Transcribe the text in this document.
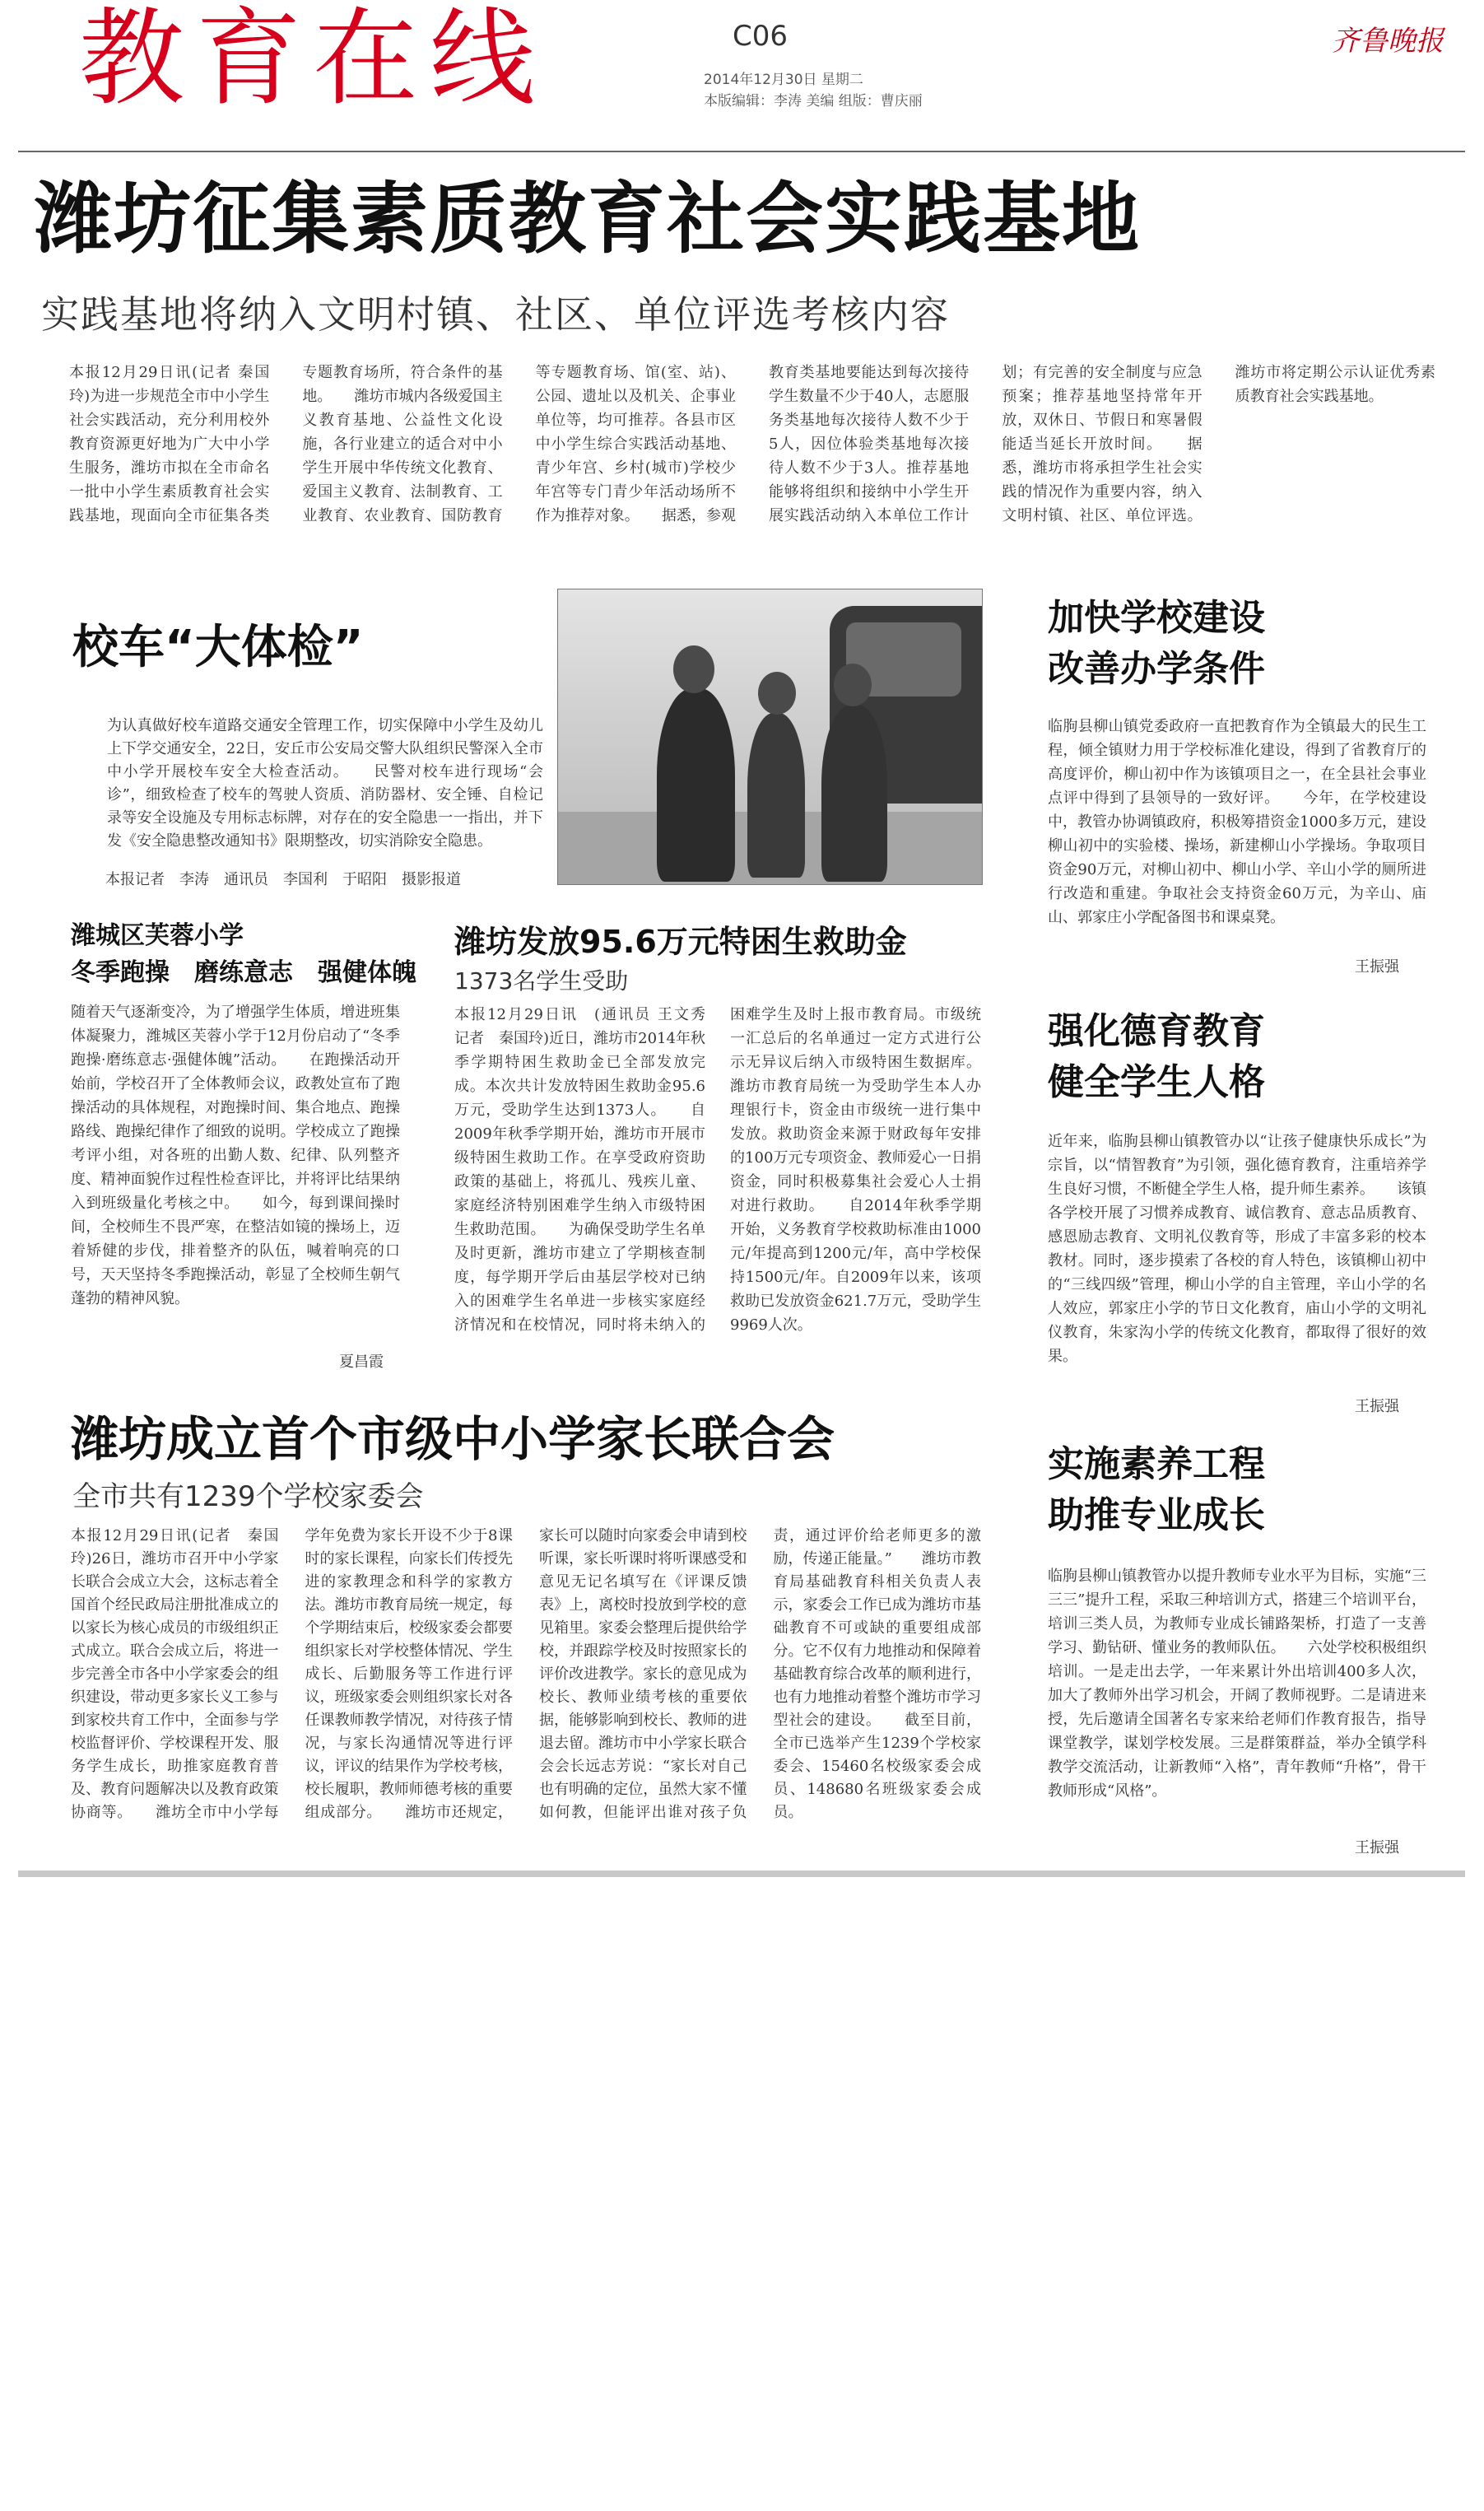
教育在线	C06
2014年12月30日 星期二
本版编辑：李涛 美编 组版：曹庆丽
齐鲁晚报
潍坊征集素质教育社会实践基地
实践基地将纳入文明村镇、社区、单位评选考核内容
本报12月29日讯(记者 秦国玲)为进一步规范全市中小学生社会实践活动，充分利用校外教育资源更好地为广大中小学生服务，潍坊市拟在全市命名一批中小学生素质教育社会实践基地，现面向全市征集各类专题教育场所，符合条件的基地。　　潍坊市城内各级爱国主义教育基地、公益性文化设施，各行业建立的适合对中小学生开展中华传统文化教育、爱国主义教育、法制教育、工业教育、农业教育、国防教育等专题教育场、馆(室、站)、公园、遗址以及机关、企事业单位等，均可推荐。各县市区中小学生综合实践活动基地、青少年宫、乡村(城市)学校少年宫等专门青少年活动场所不作为推荐对象。　　据悉，参观教育类基地要能达到每次接待学生数量不少于40人，志愿服务类基地每次接待人数不少于5人，因位体验类基地每次接待人数不少于3人。推荐基地能够将组织和接纳中小学生开展实践活动纳入本单位工作计划；有完善的安全制度与应急预案；推荐基地坚持常年开放，双休日、节假日和寒暑假能适当延长开放时间。　　据悉，潍坊市将承担学生社会实践的情况作为重要内容，纳入文明村镇、社区、单位评选。潍坊市将定期公示认证优秀素质教育社会实践基地。
校车“大体检”
为认真做好校车道路交通安全管理工作，切实保障中小学生及幼儿上下学交通安全，22日，安丘市公安局交警大队组织民警深入全市中小学开展校车安全大检查活动。　　民警对校车进行现场“会诊”，细致检查了校车的驾驶人资质、消防器材、安全锤、自检记录等安全设施及专用标志标牌，对存在的安全隐患一一指出，并下发《安全隐患整改通知书》限期整改，切实消除安全隐患。
本报记者　李涛　通讯员　李国利　于昭阳　摄影报道
潍城区芙蓉小学
冬季跑操　磨练意志　强健体魄
随着天气逐渐变冷，为了增强学生体质，增进班集体凝聚力，潍城区芙蓉小学于12月份启动了“冬季跑操·磨练意志·强健体魄”活动。　　在跑操活动开始前，学校召开了全体教师会议，政教处宣布了跑操活动的具体规程，对跑操时间、集合地点、跑操路线、跑操纪律作了细致的说明。学校成立了跑操考评小组，对各班的出勤人数、纪律、队列整齐度、精神面貌作过程性检查评比，并将评比结果纳入到班级量化考核之中。　　如今，每到课间操时间，全校师生不畏严寒，在整洁如镜的操场上，迈着矫健的步伐，排着整齐的队伍，喊着响亮的口号，天天坚持冬季跑操活动，彰显了全校师生朝气蓬勃的精神风貌。
夏昌霞
潍坊发放95.6万元特困生救助金
1373名学生受助
本报12月29日讯　(通讯员 王文秀　记者　秦国玲)近日，潍坊市2014年秋季学期特困生救助金已全部发放完成。本次共计发放特困生救助金95.6万元，受助学生达到1373人。　　自2009年秋季学期开始，潍坊市开展市级特困生救助工作。在享受政府资助政策的基础上，将孤儿、残疾儿童、家庭经济特别困难学生纳入市级特困生救助范围。　　为确保受助学生名单及时更新，潍坊市建立了学期核查制度，每学期开学后由基层学校对已纳入的困难学生名单进一步核实家庭经济情况和在校情况，同时将未纳入的困难学生及时上报市教育局。市级统一汇总后的名单通过一定方式进行公示无异议后纳入市级特困生数据库。潍坊市教育局统一为受助学生本人办理银行卡，资金由市级统一进行集中发放。救助资金来源于财政每年安排的100万元专项资金、教师爱心一日捐资金，同时积极募集社会爱心人士捐对进行救助。　　自2014年秋季学期开始，义务教育学校救助标准由1000元/年提高到1200元/年，高中学校保持1500元/年。自2009年以来，该项救助已发放资金621.7万元，受助学生9969人次。
潍坊成立首个市级中小学家长联合会
全市共有1239个学校家委会
本报12月29日讯(记者　秦国玲)26日，潍坊市召开中小学家长联合会成立大会，这标志着全国首个经民政局注册批准成立的以家长为核心成员的市级组织正式成立。联合会成立后，将进一步完善全市各中小学家委会的组织建设，带动更多家长义工参与到家校共育工作中，全面参与学校监督评价、学校课程开发、服务学生成长，助推家庭教育普及、教育问题解决以及教育政策协商等。　　潍坊全市中小学每学年免费为家长开设不少于8课时的家长课程，向家长们传授先进的家教理念和科学的家教方法。潍坊市教育局统一规定，每个学期结束后，校级家委会都要组织家长对学校整体情况、学生成长、后勤服务等工作进行评议，班级家委会则组织家长对各任课教师教学情况，对待孩子情况，与家长沟通情况等进行评议，评议的结果作为学校考核，校长履职，教师师德考核的重要组成部分。　　潍坊市还规定，家长可以随时向家委会申请到校听课，家长听课时将听课感受和意见无记名填写在《评课反馈表》上，离校时投放到学校的意见箱里。家委会整理后提供给学校，并跟踪学校及时按照家长的评价改进教学。家长的意见成为校长、教师业绩考核的重要依据，能够影响到校长、教师的进退去留。潍坊市中小学家长联合会会长远志芳说：“家长对自己也有明确的定位，虽然大家不懂如何教，但能评出谁对孩子负责，通过评价给老师更多的激励，传递正能量。”　　潍坊市教育局基础教育科相关负责人表示，家委会工作已成为潍坊市基础教育不可或缺的重要组成部分。它不仅有力地推动和保障着基础教育综合改革的顺利进行，也有力地推动着整个潍坊市学习型社会的建设。　　截至目前，全市已选举产生1239个学校家委会、15460名校级家委会成员、148680名班级家委会成员。
加快学校建设
改善办学条件
临朐县柳山镇党委政府一直把教育作为全镇最大的民生工程，倾全镇财力用于学校标准化建设，得到了省教育厅的高度评价，柳山初中作为该镇项目之一，在全县社会事业点评中得到了县领导的一致好评。　　今年，在学校建设中，教管办协调镇政府，积极筹措资金1000多万元，建设柳山初中的实验楼、操场，新建柳山小学操场。争取项目资金90万元，对柳山初中、柳山小学、辛山小学的厕所进行改造和重建。争取社会支持资金60万元，为辛山、庙山、郭家庄小学配备图书和课桌凳。
王振强
强化德育教育
健全学生人格
近年来，临朐县柳山镇教管办以“让孩子健康快乐成长”为宗旨，以“情智教育”为引领，强化德育教育，注重培养学生良好习惯，不断健全学生人格，提升师生素养。　　该镇各学校开展了习惯养成教育、诚信教育、意志品质教育、感恩励志教育、文明礼仪教育等，形成了丰富多彩的校本教材。同时，逐步摸索了各校的育人特色，该镇柳山初中的“三线四级”管理，柳山小学的自主管理，辛山小学的名人效应，郭家庄小学的节日文化教育，庙山小学的文明礼仪教育，朱家沟小学的传统文化教育，都取得了很好的效果。
王振强
实施素养工程
助推专业成长
临朐县柳山镇教管办以提升教师专业水平为目标，实施“三三三”提升工程，采取三种培训方式，搭建三个培训平台，培训三类人员，为教师专业成长铺路架桥，打造了一支善学习、勤钻研、懂业务的教师队伍。　　六处学校积极组织培训。一是走出去学，一年来累计外出培训400多人次，加大了教师外出学习机会，开阔了教师视野。二是请进来授，先后邀请全国著名专家来给老师们作教育报告，指导课堂教学，谋划学校发展。三是群策群益，举办全镇学科教学交流活动，让新教师“入格”，青年教师“升格”，骨干教师形成“风格”。
王振强
